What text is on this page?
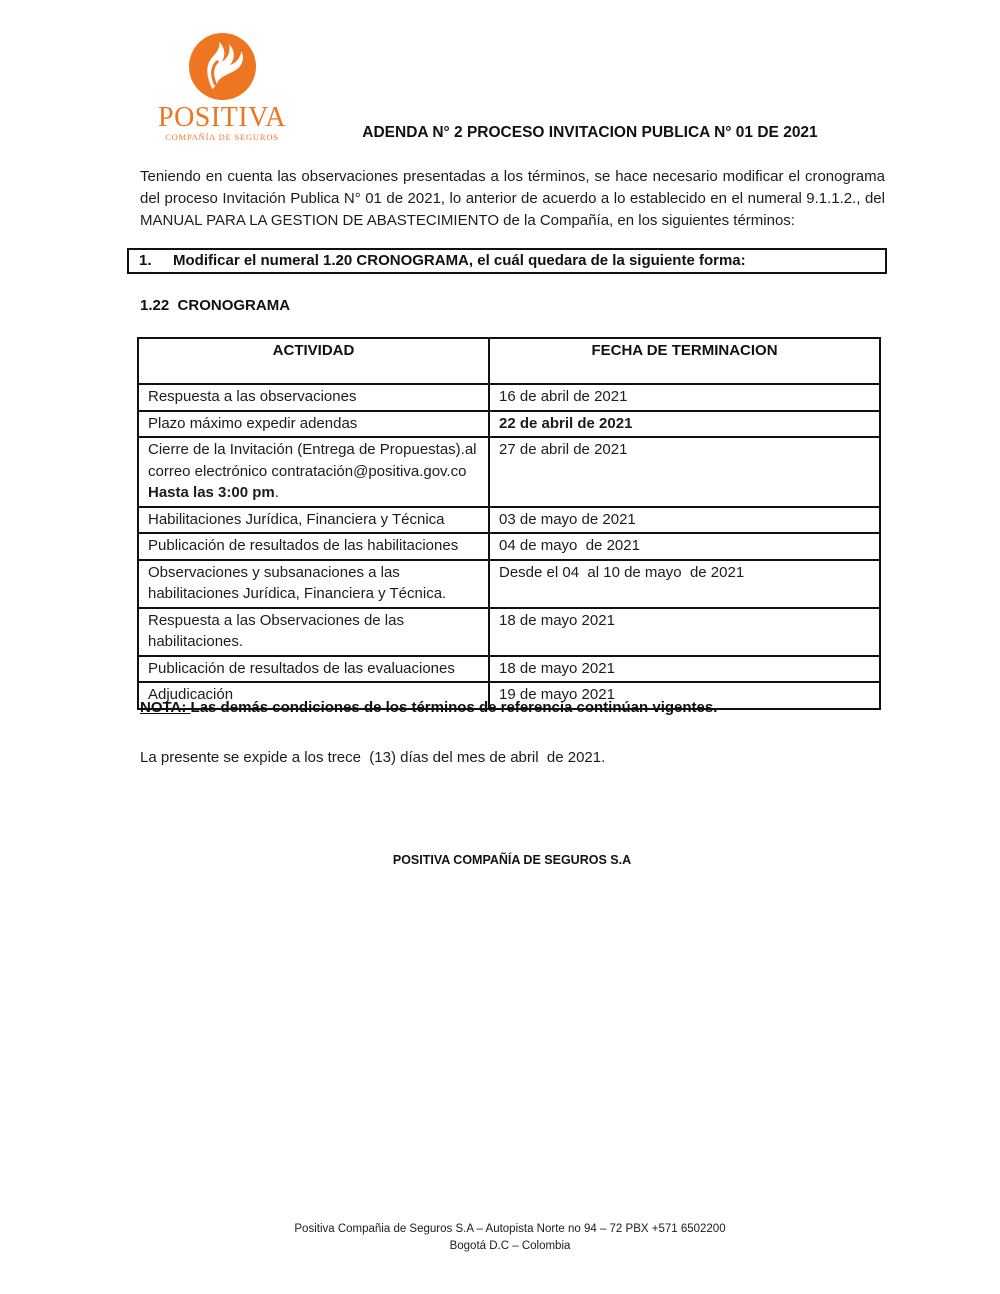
POSITIVA
COMPAÑÍA DE SEGUROS	ADENDA N° 2 PROCESO INVITACION PUBLICA N° 01 DE 2021

Teniendo en cuenta las observaciones presentadas a los términos, se hace necesario modificar el cronograma del proceso Invitación Publica N° 01 de 2021, lo anterior de acuerdo a lo establecido en el numeral 9.1.1.2., del MANUAL PARA LA GESTION DE ABASTECIMIENTO de la Compañía, en los siguientes términos:

1.	Modificar el numeral 1.20 CRONOGRAMA, el cuál quedara de la siguiente forma:
1.22  CRONOGRAMA
ACTIVIDAD	FECHA DE TERMINACION
Respuesta a las observaciones	16 de abril de 2021
Plazo máximo expedir adendas	22 de abril de 2021
Cierre de la Invitación (Entrega de Propuestas).al correo electrónico contratación@positiva.gov.co Hasta las 3:00 pm.	27 de abril de 2021
Habilitaciones Jurídica, Financiera y Técnica	03 de mayo de 2021
Publicación de resultados de las habilitaciones	04 de mayo  de 2021
Observaciones y subsanaciones a las habilitaciones Jurídica, Financiera y Técnica.	Desde el 04  al 10 de mayo  de 2021
Respuesta a las Observaciones de las habilitaciones.	18 de mayo 2021
Publicación de resultados de las evaluaciones	18 de mayo 2021
Adjudicación	19 de mayo 2021
NOTA: Las demás condiciones de los términos de referencia continúan vigentes.
La presente se expide a los trece  (13) días del mes de abril  de 2021.
POSITIVA COMPAÑÍA DE SEGUROS S.A
Positiva Compañia de Seguros S.A – Autopista Norte no 94 – 72 PBX +571 6502200
Bogotá D.C – Colombia
